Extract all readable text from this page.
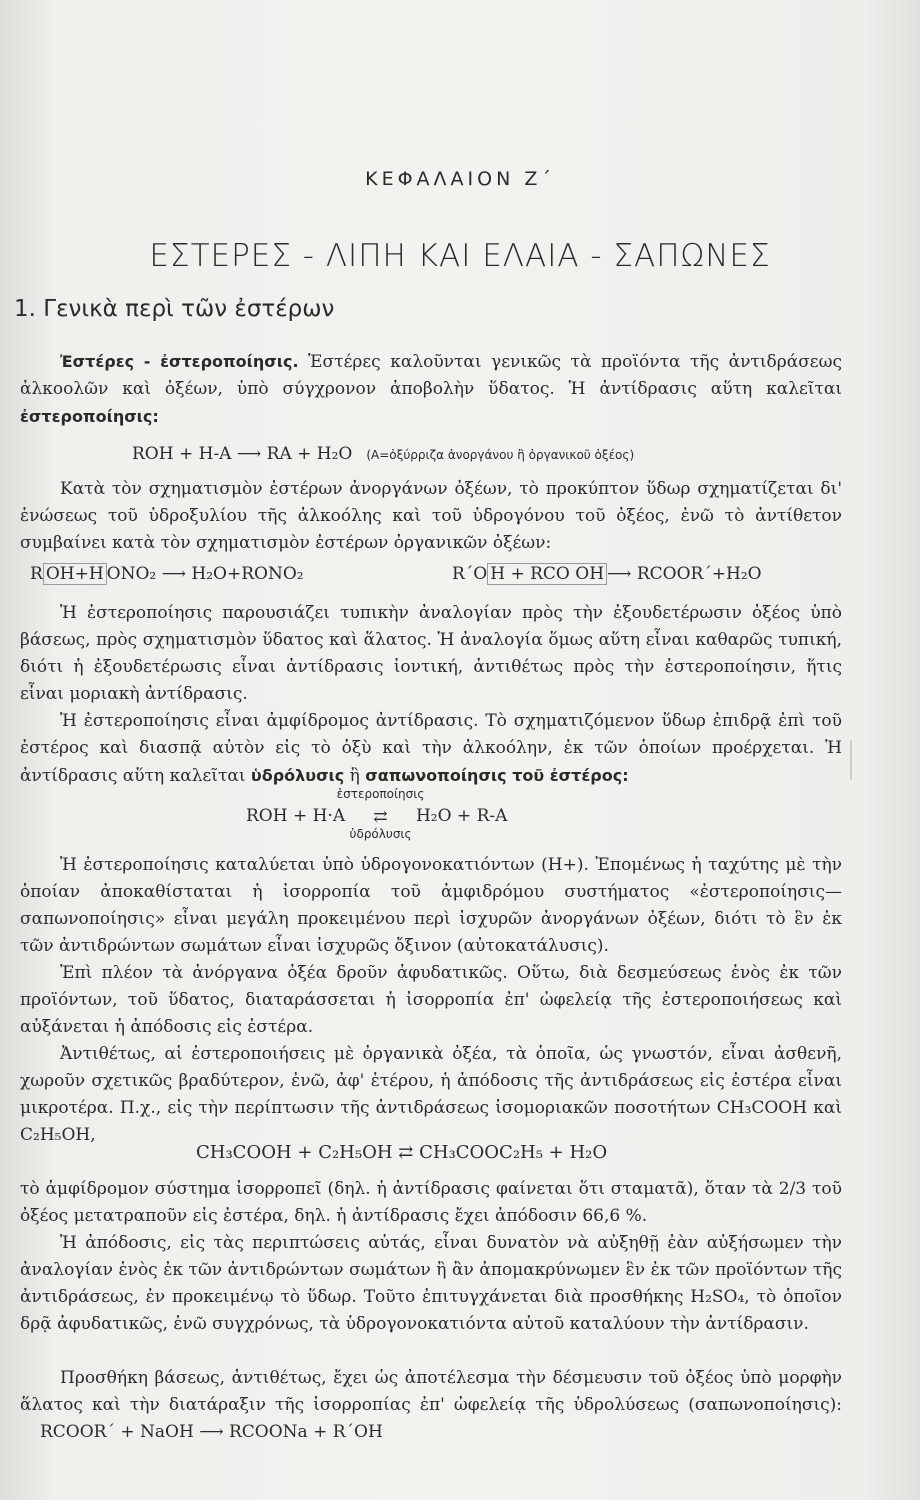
ΚΕΦΑΛΑΙΟΝ Ζ΄
ΕΣΤΕΡΕΣ - ΛΙΠΗ ΚΑΙ ΕΛΑΙΑ - ΣΑΠΩΝΕΣ
1. Γενικὰ περὶ τῶν ἐστέρων
Ἐστέρες - ἐστεροποίησις. Ἐστέρες καλοῦνται γενικῶς τὰ προϊόντα τῆς ἀντιδράσεως ἀλκοολῶν καὶ ὀξέων, ὑπὸ σύγχρονον ἀποβολὴν ὕδατος. Ἡ ἀντίδρασις αὕτη καλεῖται ἐστεροποίησις:
ROH + H-A ⟶ RA + H₂O (Α=ὀξύρριζα ἀνοργάνου ἢ ὀργανικοῦ ὀξέος)
Κατὰ τὸν σχηματισμὸν ἐστέρων ἀνοργάνων ὀξέων, τὸ προκύπτον ὕδωρ σχηματίζεται δι' ἑνώσεως τοῦ ὑδροξυλίου τῆς ἀλκοόλης καὶ τοῦ ὑδρογόνου τοῦ ὀξέος, ἐνῶ τὸ ἀντίθετον συμβαίνει κατὰ τὸν σχηματισμὸν ἐστέρων ὀργανικῶν ὀξέων:
R OH+H ONO₂ ⟶ H₂O+RONO₂	R΄O H + RCO OH ⟶ RCOOR΄+H₂O
Ἡ ἐστεροποίησις παρουσιάζει τυπικὴν ἀναλογίαν πρὸς τὴν ἐξουδετέρωσιν ὀξέος ὑπὸ βάσεως, πρὸς σχηματισμὸν ὕδατος καὶ ἅλατος. Ἡ ἀναλογία ὅμως αὕτη εἶναι καθαρῶς τυπική, διότι ἡ ἐξουδετέρωσις εἶναι ἀντίδρασις ἰοντική, ἀντιθέτως πρὸς τὴν ἐστεροποίησιν, ἥτις εἶναι μοριακὴ ἀντίδρασις.
Ἡ ἐστεροποίησις εἶναι ἀμφίδρομος ἀντίδρασις. Τὸ σχηματιζόμενον ὕδωρ ἐπιδρᾷ ἐπὶ τοῦ ἐστέρος καὶ διασπᾷ αὐτὸν εἰς τὸ ὀξὺ καὶ τὴν ἀλκοόλην, ἐκ τῶν ὁποίων προέρχεται. Ἡ ἀντίδρασις αὕτη καλεῖται ὑδρόλυσις ἢ σαπωνοποίησις τοῦ ἐστέρος:
ROH + H·A
ἐστεροποίησις
⇄
ὑδρόλυσις
H₂O + R-A
Ἡ ἐστεροποίησις καταλύεται ὑπὸ ὑδρογονοκατιόντων (H+). Ἐπομένως ἡ ταχύτης μὲ τὴν ὁποίαν ἀποκαθίσταται ἡ ἰσορροπία τοῦ ἀμφιδρόμου συστήματος «ἐστεροποίησις—σαπωνοποίησις» εἶναι μεγάλη προκειμένου περὶ ἰσχυρῶν ἀνοργάνων ὀξέων, διότι τὸ ἓν ἐκ τῶν ἀντιδρώντων σωμάτων εἶναι ἰσχυρῶς ὄξινον (αὐτοκατάλυσις).
Ἐπὶ πλέον τὰ ἀνόργανα ὀξέα δροῦν ἀφυδατικῶς. Οὕτω, διὰ δεσμεύσεως ἑνὸς ἐκ τῶν προϊόντων, τοῦ ὕδατος, διαταράσσεται ἡ ἰσορροπία ἐπ' ὠφελείᾳ τῆς ἐστεροποιήσεως καὶ αὐξάνεται ἡ ἀπόδοσις εἰς ἐστέρα.
Ἀντιθέτως, αἱ ἐστεροποιήσεις μὲ ὀργανικὰ ὀξέα, τὰ ὁποῖα, ὡς γνωστόν, εἶναι ἀσθενῆ, χωροῦν σχετικῶς βραδύτερον, ἐνῶ, ἀφ' ἑτέρου, ἡ ἀπόδοσις τῆς ἀντιδράσεως εἰς ἐστέρα εἶναι μικροτέρα. Π.χ., εἰς τὴν περίπτωσιν τῆς ἀντιδράσεως ἰσομοριακῶν ποσοτήτων CH₃COOH καὶ C₂H₅OH,
CH₃COOH + C₂H₅OH ⇄ CH₃COOC₂H₅ + H₂O
τὸ ἀμφίδρομον σύστημα ἰσορροπεῖ (δηλ. ἡ ἀντίδρασις φαίνεται ὅτι σταματᾶ), ὅταν τὰ 2/3 τοῦ ὀξέος μετατραποῦν εἰς ἐστέρα, δηλ. ἡ ἀντίδρασις ἔχει ἀπόδοσιν 66,6 %.
Ἡ ἀπόδοσις, εἰς τὰς περιπτώσεις αὐτάς, εἶναι δυνατὸν νὰ αὐξηθῇ ἐὰν αὐξήσωμεν τὴν ἀναλογίαν ἑνὸς ἐκ τῶν ἀντιδρώντων σωμάτων ἢ ἂν ἀπομακρύνωμεν ἓν ἐκ τῶν προϊόντων τῆς ἀντιδράσεως, ἐν προκειμένῳ τὸ ὕδωρ. Τοῦτο ἐπιτυγχάνεται διὰ προσθήκης H₂SO₄, τὸ ὁποῖον δρᾷ ἀφυδατικῶς, ἐνῶ συγχρόνως, τὰ ὑδρογονοκατιόντα αὐτοῦ καταλύουν τὴν ἀντίδρασιν.
Προσθήκη βάσεως, ἀντιθέτως, ἔχει ὡς ἀποτέλεσμα τὴν δέσμευσιν τοῦ ὀξέος ὑπὸ μορφὴν ἅλατος καὶ τὴν διατάραξιν τῆς ἰσορροπίας ἐπ' ὠφελείᾳ τῆς ὑδρολύσεως (σαπωνοποίησις): RCOOR΄ + NaOH ⟶ RCOONa + R΄OH
